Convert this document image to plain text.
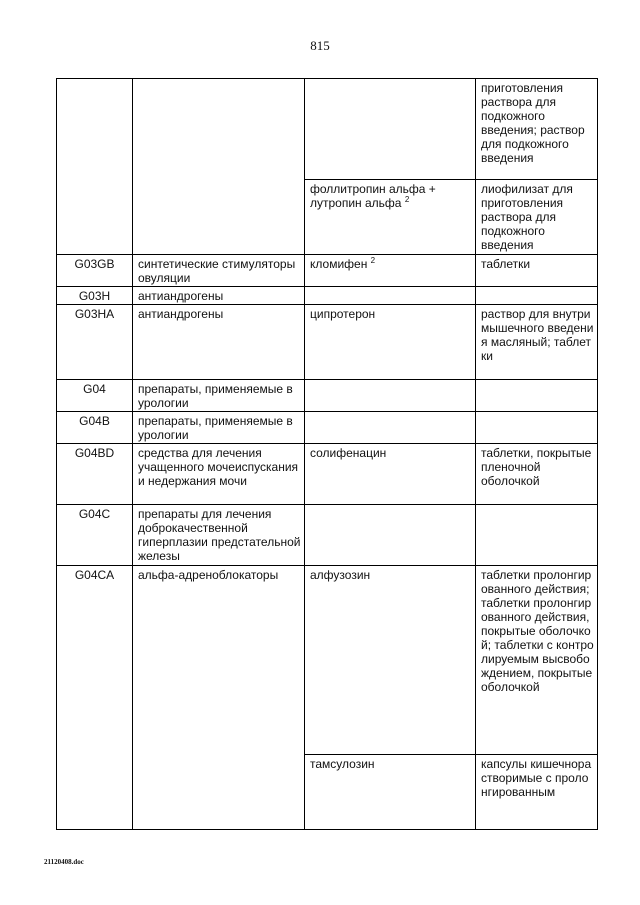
815
			приготовления раствора для подкожного введения; раствор для подкожного введения
		фоллитропин альфа + лутропин альфа $^2$	лиофилизат для приготовления раствора для подкожного введения
G03GB	синтетические стимуляторы овуляции	кломифен $^2$	таблетки
G03H	антиандрогены		
G03HA	антиандрогены	ципротерон	раствор для внутримышечного введения масляный; таблетки
G04	препараты, применяемые в урологии		
G04B	препараты, применяемые в урологии		
G04BD	средства для лечения учащенного мочеиспускания и недержания мочи	солифенацин	таблетки, покрытые пленочной оболочкой
G04C	препараты для лечения доброкачественной гиперплазии предстательной железы		
G04CA	альфа-адреноблокаторы	алфузозин	таблетки пролонгированного действия; таблетки пролонгированного действия, покрытые оболочкой; таблетки с контролируемым высвобождением, покрытые оболочкой
		тамсулозин	капсулы кишечнорастворимые с пролонгированным
21120408.doc
